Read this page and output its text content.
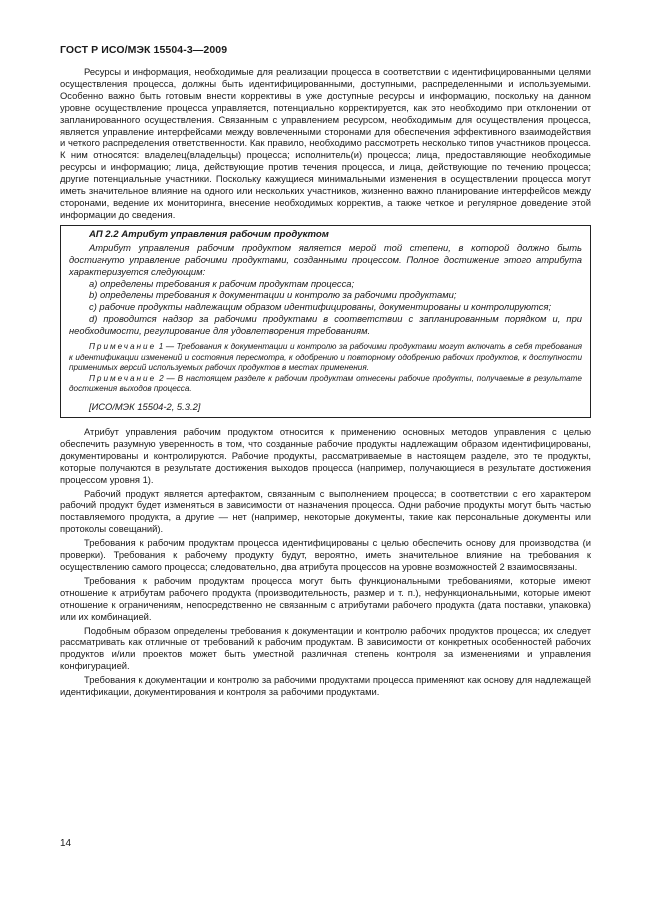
ГОСТ Р ИСО/МЭК 15504-3—2009

Ресурсы и информация, необходимые для реализации процесса в соответствии с идентифицированными целями осуществления процесса, должны быть идентифицированными, доступными, распределенными и используемыми. Особенно важно быть готовым внести коррективы в уже доступные ресурсы и информацию, поскольку на данном уровне осуществление процесса управляется, потенциально корректируется, как это необходимо при отклонении от запланированного осуществления. Связанным с управлением ресурсом, необходимым для осуществления процесса, является управление интерфейсами между вовлеченными сторонами для обеспечения эффективного взаимодействия и четкого распределения ответственности. Как правило, необходимо рассмотреть несколько типов участников процесса. К ним относятся: владелец(владельцы) процесса; исполнитель(и) процесса; лица, предоставляющие необходимые ресурсы и информацию; лица, действующие против течения процесса, и лица, действующие по течению процесса; другие потенциальные участники. Поскольку кажущиеся минимальными изменения в осуществлении процесса могут иметь значительное влияние на одного или нескольких участников, жизненно важно планирование интерфейсов между сторонами, ведение их мониторинга, внесение необходимых корректив, а также четкое и регулярное доведение этой информации до сведения.

АП 2.2 Атрибут управления рабочим продуктом

Атрибут управления рабочим продуктом является мерой той степени, в которой должно быть достигнуто управление рабочими продуктами, созданными процессом. Полное достижение этого атрибута характеризуется следующим:

a) определены требования к рабочим продуктам процесса;

b) определены требования к документации и контролю за рабочими продуктами;

c) рабочие продукты надлежащим образом идентифицированы, документированы и контролируются;

d) проводится надзор за рабочими продуктами в соответствии с запланированным порядком и, при необходимости, регулирование для удовлетворения требованиям.

Примечание 1 — Требования к документации и контролю за рабочими продуктами могут включать в себя требования к идентификации изменений и состояния пересмотра, к одобрению и повторному одобрению рабочих продуктов, к доступности применимых версий используемых рабочих продуктов в местах применения.

Примечание 2 — В настоящем разделе к рабочим продуктам отнесены рабочие продукты, получаемые в результате достижения выходов процесса.

[ИСО/МЭК 15504-2, 5.3.2]

Атрибут управления рабочим продуктом относится к применению основных методов управления с целью обеспечить разумную уверенность в том, что созданные рабочие продукты надлежащим образом идентифицированы, документированы и контролируются. Рабочие продукты, рассматриваемые в настоящем разделе, это те продукты, которые получаются в результате достижения выходов процесса (например, получающиеся в результате достижения процессом уровня 1).

Рабочий продукт является артефактом, связанным с выполнением процесса; в соответствии с его характером рабочий продукт будет изменяться в зависимости от назначения процесса. Одни рабочие продукты могут быть частью поставляемого продукта, а другие — нет (например, некоторые документы, такие как персональные документы или протоколы совещаний).

Требования к рабочим продуктам процесса идентифицированы с целью обеспечить основу для производства (и проверки). Требования к рабочему продукту будут, вероятно, иметь значительное влияние на требования к осуществлению самого процесса; следовательно, два атрибута процессов на уровне возможностей 2 взаимосвязаны.

Требования к рабочим продуктам процесса могут быть функциональными требованиями, которые имеют отношение к атрибутам рабочего продукта (производительность, размер и т. п.), нефункциональными, которые имеют отношение к ограничениям, непосредственно не связанным с атрибутами рабочего продукта (дата поставки, упаковка) или их комбинацией.

Подобным образом определены требования к документации и контролю рабочих продуктов процесса; их следует рассматривать как отличные от требований к рабочим продуктам. В зависимости от конкретных особенностей рабочих продуктов и/или проектов может быть уместной различная степень контроля за изменениями и управления конфигурацией.

Требования к документации и контролю за рабочими продуктами процесса применяют как основу для надлежащей идентификации, документирования и контроля за рабочими продуктами.

14
